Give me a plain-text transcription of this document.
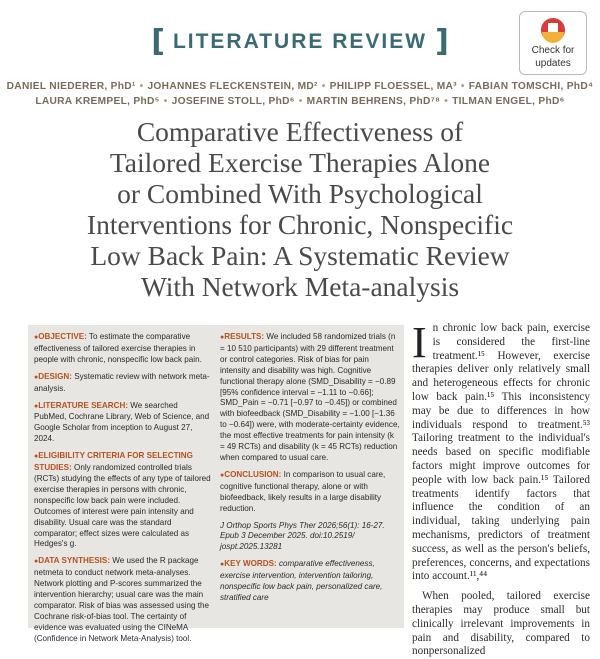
[ LITERATURE REVIEW ]	Check for
updates
DANIEL NIEDERER, PhD¹ • JOHANNES FLECKENSTEIN, MD² • PHILIPP FLOESSEL, MA³ • FABIAN TOMSCHI, PhD⁴
LAURA KREMPEL, PhD⁵ • JOSEFINE STOLL, PhD⁶ • MARTIN BEHRENS, PhD⁷⁸ • TILMAN ENGEL, PhD⁶
Comparative Effectiveness of
Tailored Exercise Therapies Alone
or Combined With Psychological
Interventions for Chronic, Nonspecific
Low Back Pain: A Systematic Review
With Network Meta-analysis

●OBJECTIVE: To estimate the comparative effectiveness of tailored exercise therapies in people with chronic, nonspecific low back pain.

●DESIGN: Systematic review with network meta-analysis.

●LITERATURE SEARCH: We searched PubMed, Cochrane Library, Web of Science, and Google Scholar from inception to August 27, 2024.

●ELIGIBILITY CRITERIA FOR SELECTING STUDIES: Only randomized controlled trials (RCTs) studying the effects of any type of tailored exercise therapies in persons with chronic, nonspecific low back pain were included. Outcomes of interest were pain intensity and disability. Usual care was the standard comparator; effect sizes were calculated as Hedges's g.

●DATA SYNTHESIS: We used the R package netmeta to conduct network meta-analyses. Network plotting and P-scores summarized the intervention hierarchy; usual care was the main comparator. Risk of bias was assessed using the Cochrane risk-of-bias tool. The certainty of evidence was evaluated using the CINeMA (Confidence in Network Meta-Analysis) tool.

●RESULTS: We included 58 randomized trials (n = 10 510 participants) with 29 different treatment or control categories. Risk of bias for pain intensity and disability was high. Cognitive functional therapy alone (SMD_Disability = −0.89 [95% confidence interval = −1.11 to −0.66]; SMD_Pain = −0.71 [−0.97 to −0.45]) or combined with biofeedback (SMD_Disability = −1.00 [−1.36 to −0.64]) were, with moderate-certainty evidence, the most effective treatments for pain intensity (k = 49 RCTs) and disability (k = 45 RCTs) reduction when compared to usual care.

●CONCLUSION: In comparison to usual care, cognitive functional therapy, alone or with biofeedback, likely results in a large disability reduction.

J Orthop Sports Phys Ther 2026;56(1): 16-27. Epub 3 December 2025. doi:10.2519/ jospt.2025.13281

●KEY WORDS: comparative effectiveness, exercise intervention, intervention tailoring, nonspecific low back pain, personalized care, stratified care

In chronic low back pain, exercise is considered the first-line treatment.¹⁵ However, exercise therapies deliver only relatively small and heterogeneous effects for chronic low back pain.¹⁵ This inconsistency may be due to differences in how individuals respond to treatment.⁵³ Tailoring treatment to the individual's needs based on specific modifiable factors might improve outcomes for people with low back pain.¹⁵ Tailored treatments identify factors that influence the condition of an individual, taking underlying pain mechanisms, predictors of treatment success, as well as the person's beliefs, preferences, concerns, and expectations into account.¹¹,⁴⁴

When pooled, tailored exercise therapies may produce small but clinically irrelevant improvements in pain and disability, compared to nonpersonalized
